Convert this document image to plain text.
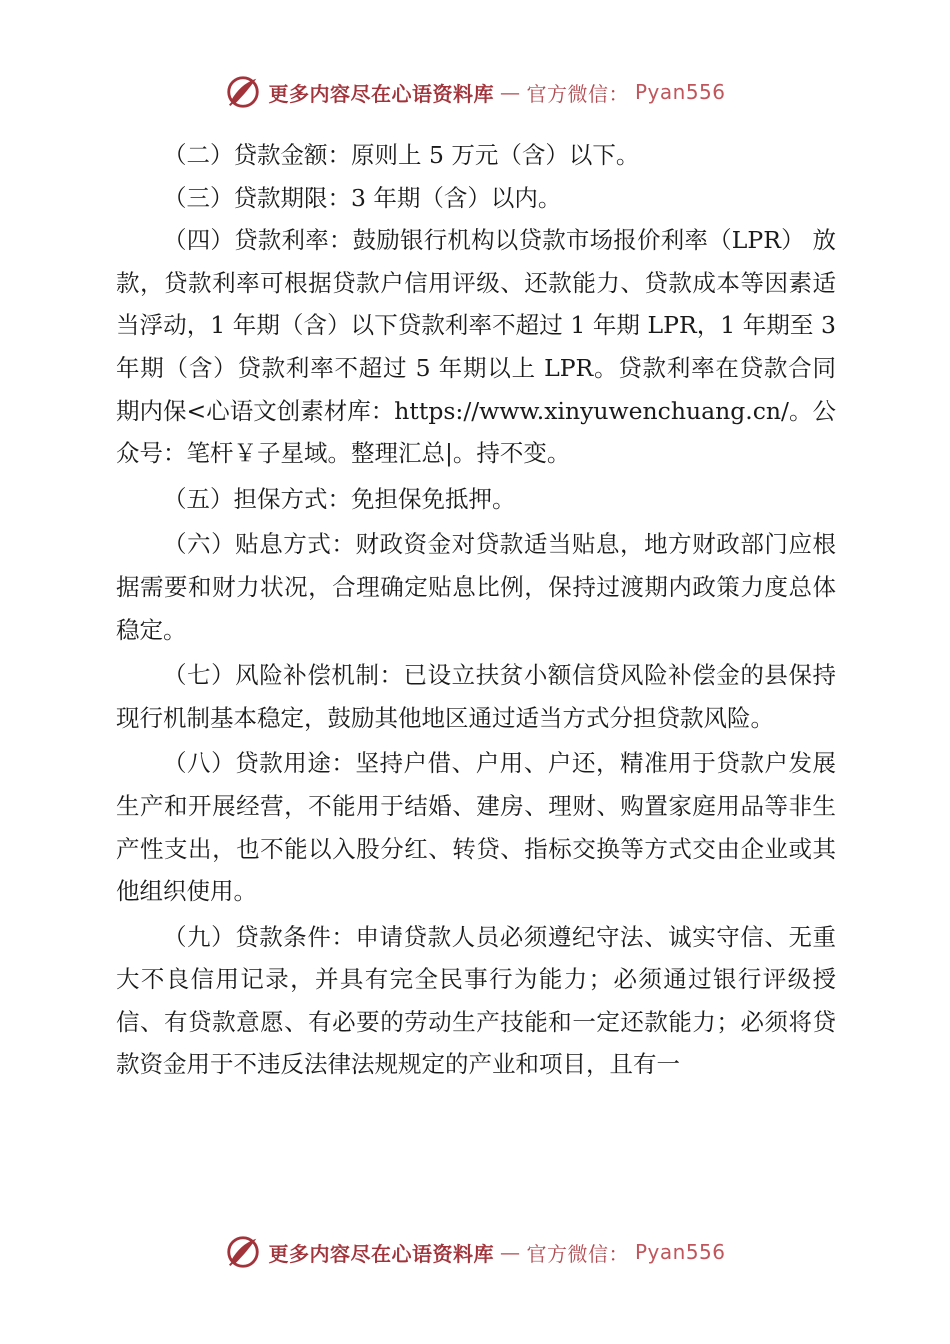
更多内容尽在心语资料库 — 官方微信： Pyan556

（二）贷款金额：原则上 5 万元（含）以下。

（三）贷款期限：3 年期（含）以内。

（四）贷款利率：鼓励银行机构以贷款市场报价利率（LPR） 放款，贷款利率可根据贷款户信用评级、还款能力、贷款成本等因素适当浮动，1 年期（含）以下贷款利率不超过 1 年期 LPR，1 年期至 3 年期（含）贷款利率不超过 5 年期以上 LPR。贷款利率在贷款合同期内保<心语文创素材库：https://www.xinyuwenchuang.cn/。公众号：笔杆￥子星域。整理汇总|。持不变。

（五）担保方式：免担保免抵押。

（六）贴息方式：财政资金对贷款适当贴息，地方财政部门应根据需要和财力状况，合理确定贴息比例，保持过渡期内政策力度总体稳定。

（七）风险补偿机制：已设立扶贫小额信贷风险补偿金的县保持现行机制基本稳定，鼓励其他地区通过适当方式分担贷款风险。

（八）贷款用途：坚持户借、户用、户还，精准用于贷款户发展生产和开展经营，不能用于结婚、建房、理财、购置家庭用品等非生产性支出，也不能以入股分红、转贷、指标交换等方式交由企业或其他组织使用。

（九）贷款条件：申请贷款人员必须遵纪守法、诚实守信、无重大不良信用记录，并具有完全民事行为能力；必须通过银行评级授信、有贷款意愿、有必要的劳动生产技能和一定还款能力；必须将贷款资金用于不违反法律法规规定的产业和项目，且有一

更多内容尽在心语资料库 — 官方微信： Pyan556
